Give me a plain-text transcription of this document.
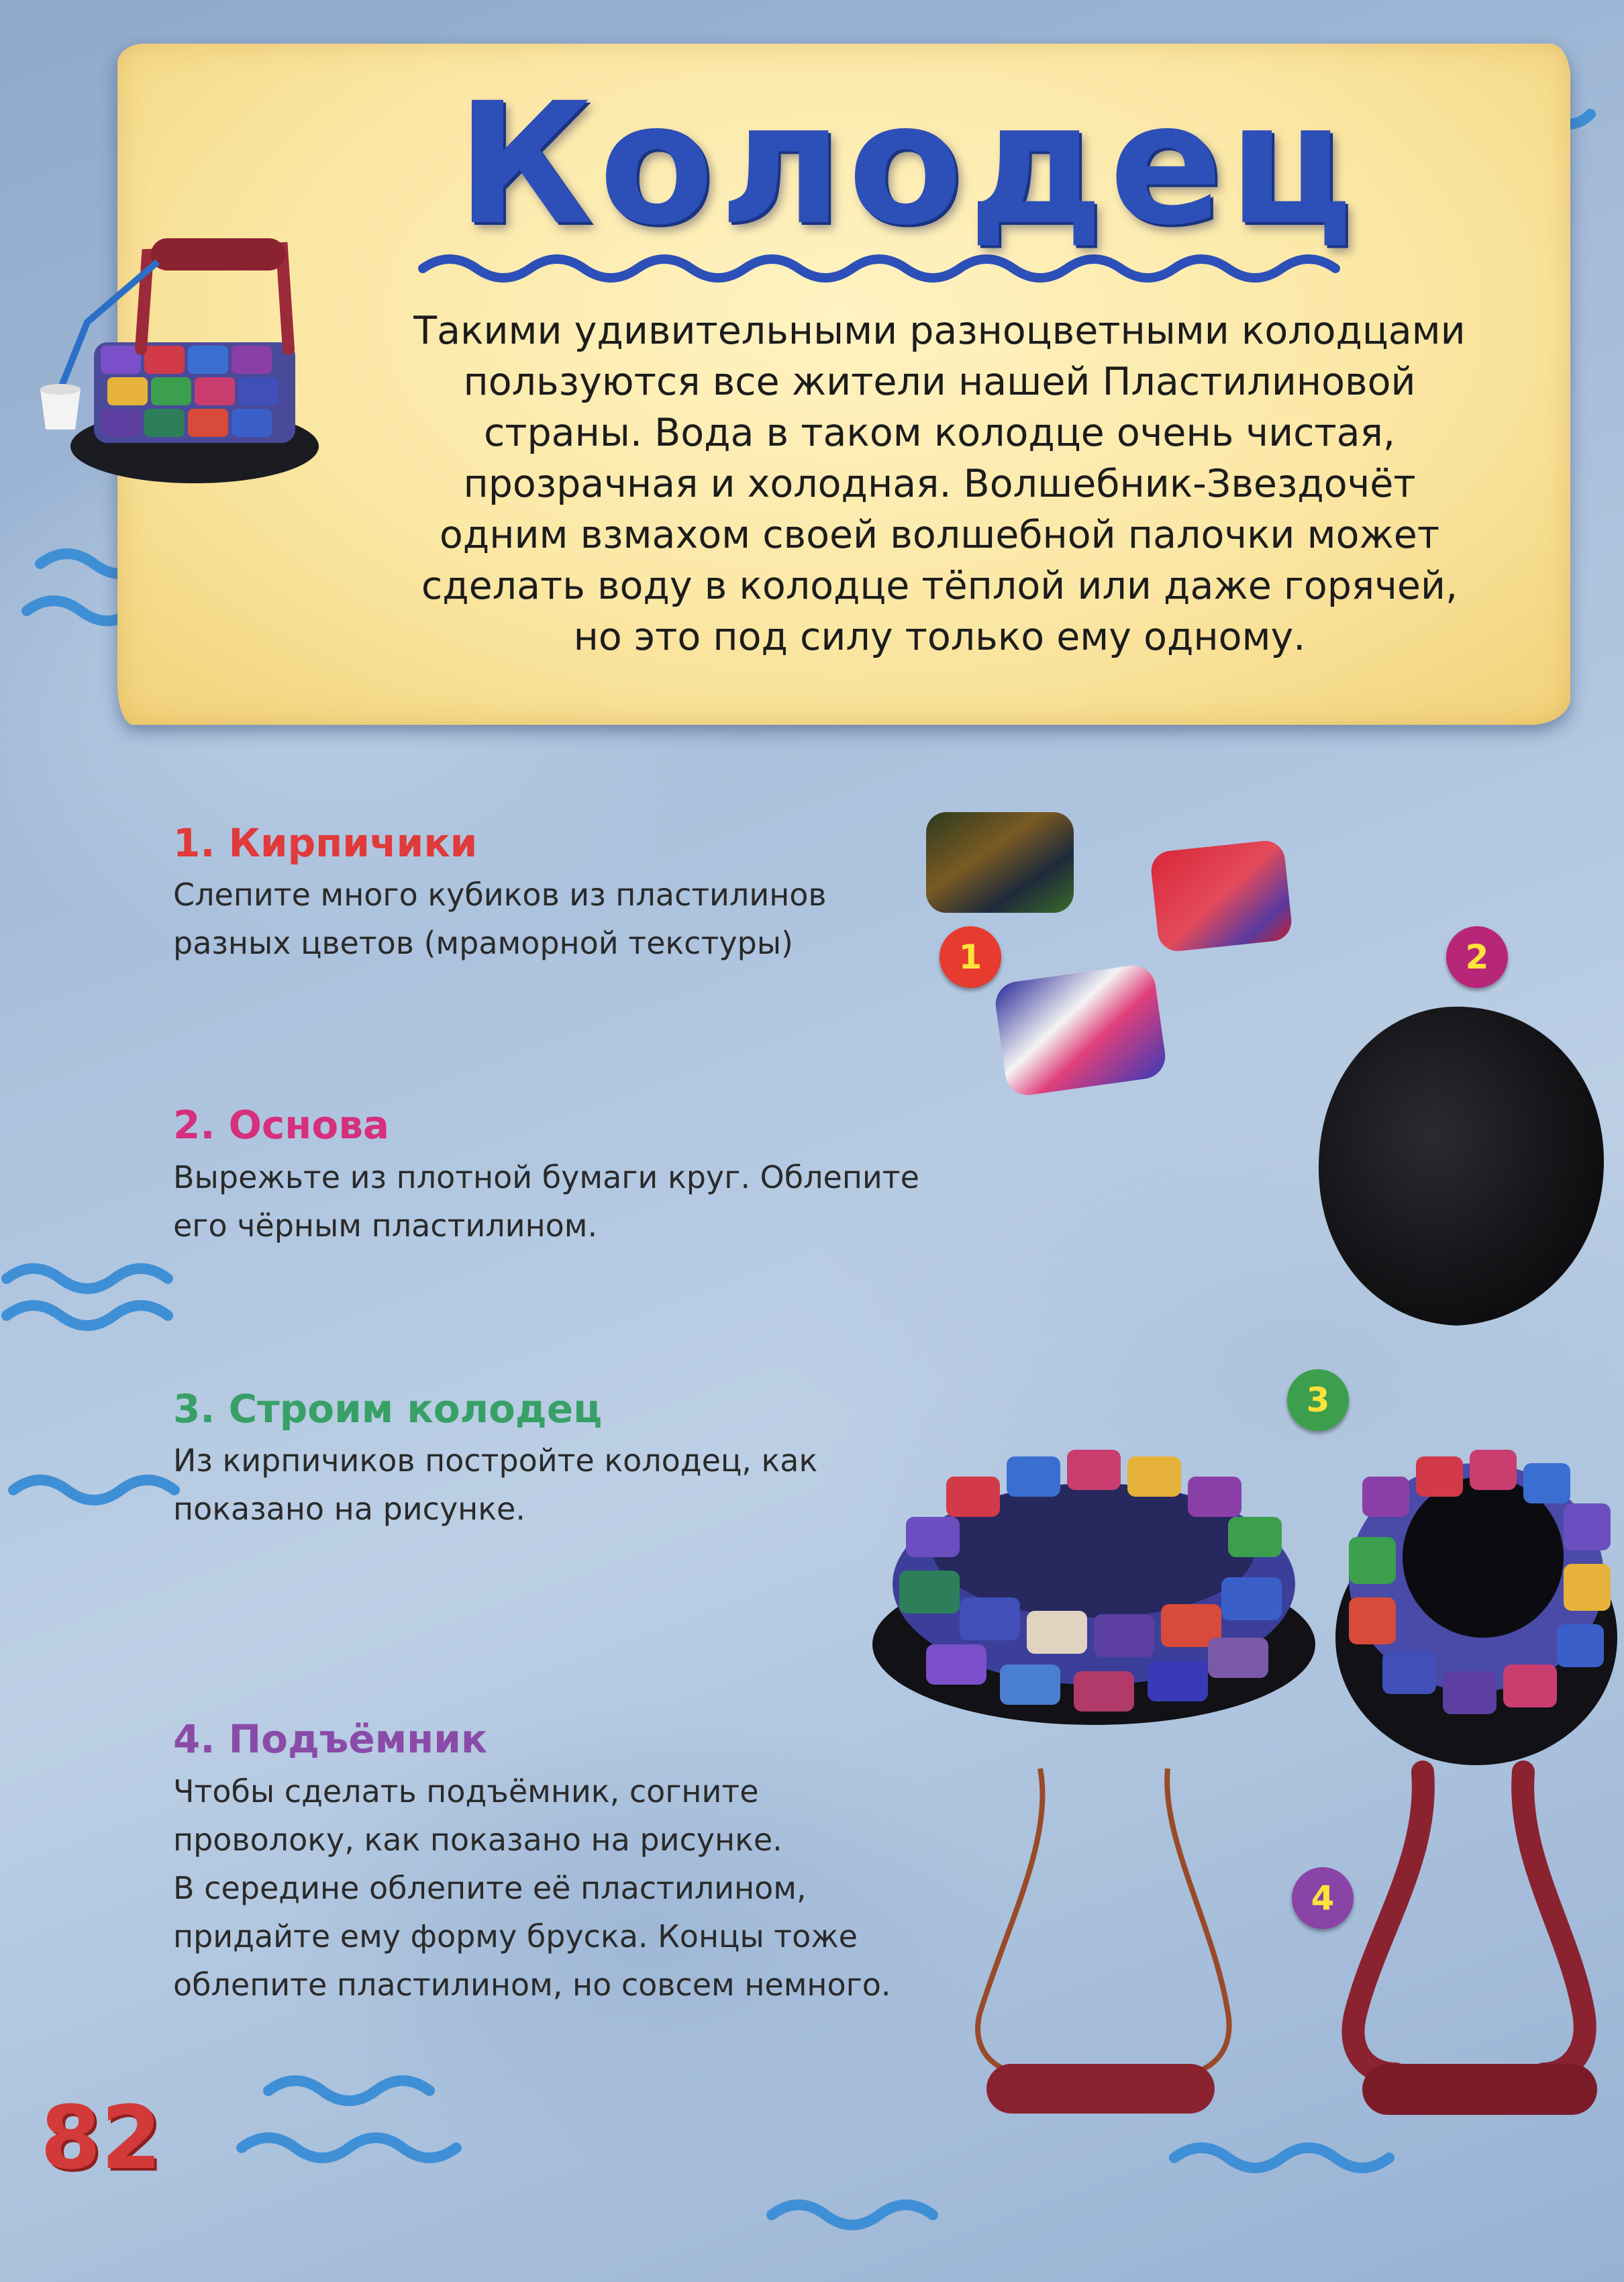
Колодец
Такими удивительными разноцветными колодцами
пользуются все жители нашей Пластилиновой
страны. Вода в таком колодце очень чистая,
прозрачная и холодная. Волшебник-Звездочёт
одним взмахом своей волшебной палочки может
сделать воду в колодце тёплой или даже горячей,
но это под силу только ему одному.
1. Кирпичики
Слепите много кубиков из пластилинов
разных цветов (мраморной текстуры)	1
2. Основа
Вырежьте из плотной бумаги круг. Облепите
его чёрным пластилином.
2
3. Строим колодец
Из кирпичиков постройте колодец, как
показано на рисунке.
3
4. Подъёмник
Чтобы сделать подъёмник, согните
проволоку, как показано на рисунке.
В середине облепите её пластилином,
придайте ему форму бруска. Концы тоже
облепите пластилином, но совсем немного.
4
82
